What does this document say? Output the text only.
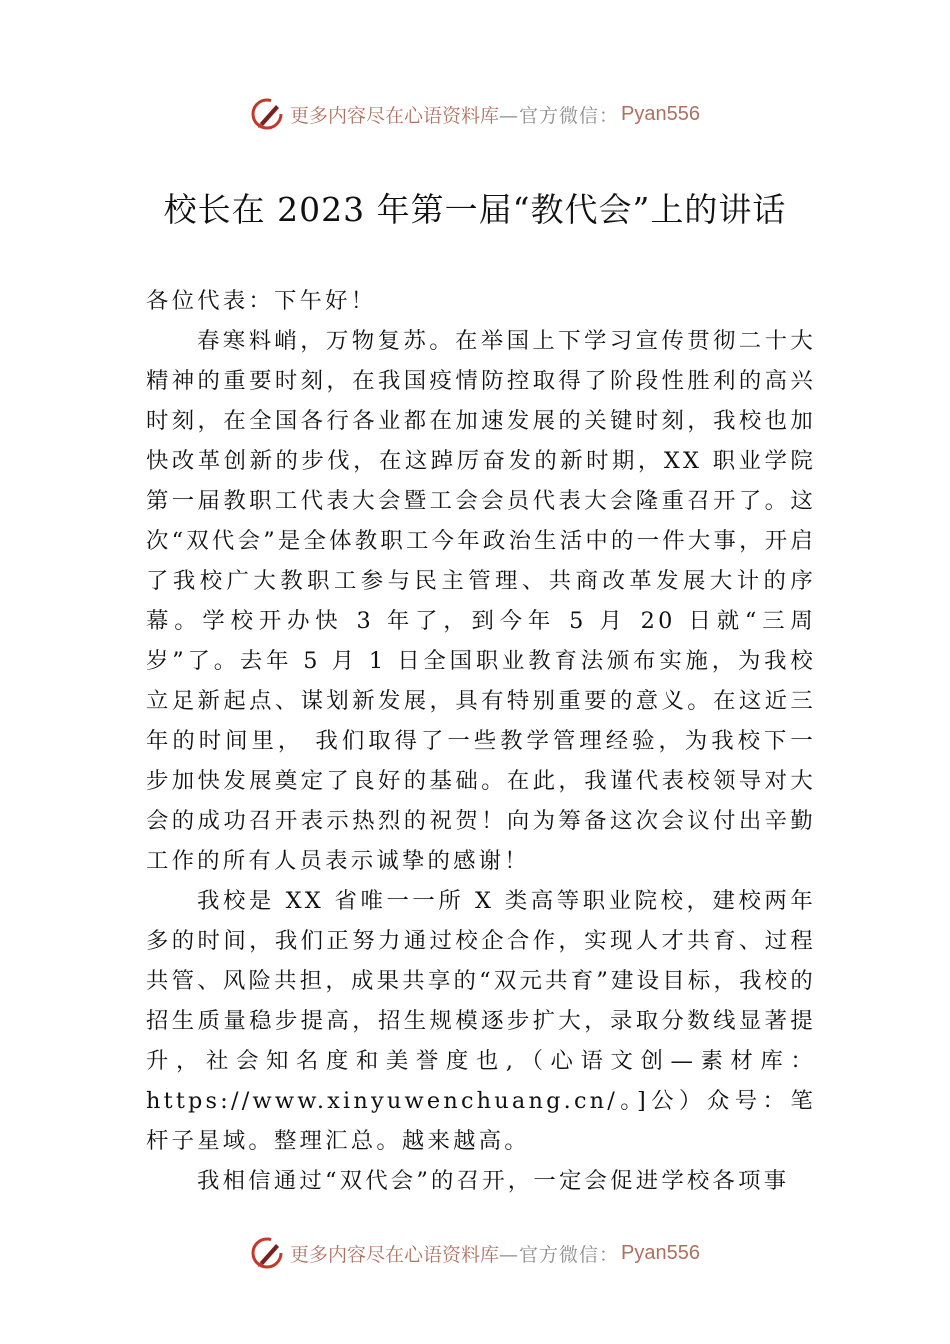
更多内容尽在心语资料库 —官方微信： Pyan556
校长在 2023 年第一届“教代会”上的讲话

各位代表：下午好！

春寒料峭，万物复苏。在举国上下学习宣传贯彻二十大精神的重要时刻，在我国疫情防控取得了阶段性胜利的高兴时刻，在全国各行各业都在加速发展的关键时刻，我校也加快改革创新的步伐，在这踔厉奋发的新时期，XX 职业学院第一届教职工代表大会暨工会会员代表大会隆重召开了。这次“双代会”是全体教职工今年政治生活中的一件大事，开启了我校广大教职工参与民主管理、共商改革发展大计的序幕。学校开办快 3 年了，到今年 5 月 20 日就“三周岁”了。去年 5 月 1 日全国职业教育法颁布实施，为我校立足新起点、谋划新发展，具有特别重要的意义。在这近三年的时间里， 我们取得了一些教学管理经验，为我校下一步加快发展奠定了良好的基础。在此，我谨代表校领导对大会的成功召开表示热烈的祝贺！向为筹备这次会议付出辛勤工作的所有人员表示诚挚的感谢！

我校是 XX 省唯一一所 X 类高等职业院校，建校两年多的时间，我们正努力通过校企合作，实现人才共育、过程共管、风险共担，成果共享的“双元共育”建设目标，我校的招生质量稳步提高，招生规模逐步扩大，录取分数线显著提升，社会知名度和美誉度也,（心语文创—素材库：https://www.xinyuwenchuang.cn/。]公）众号：笔杆子星域。整理汇总。越来越高。

我相信通过“双代会”的召开，一定会促进学校各项事

更多内容尽在心语资料库 —官方微信： Pyan556
